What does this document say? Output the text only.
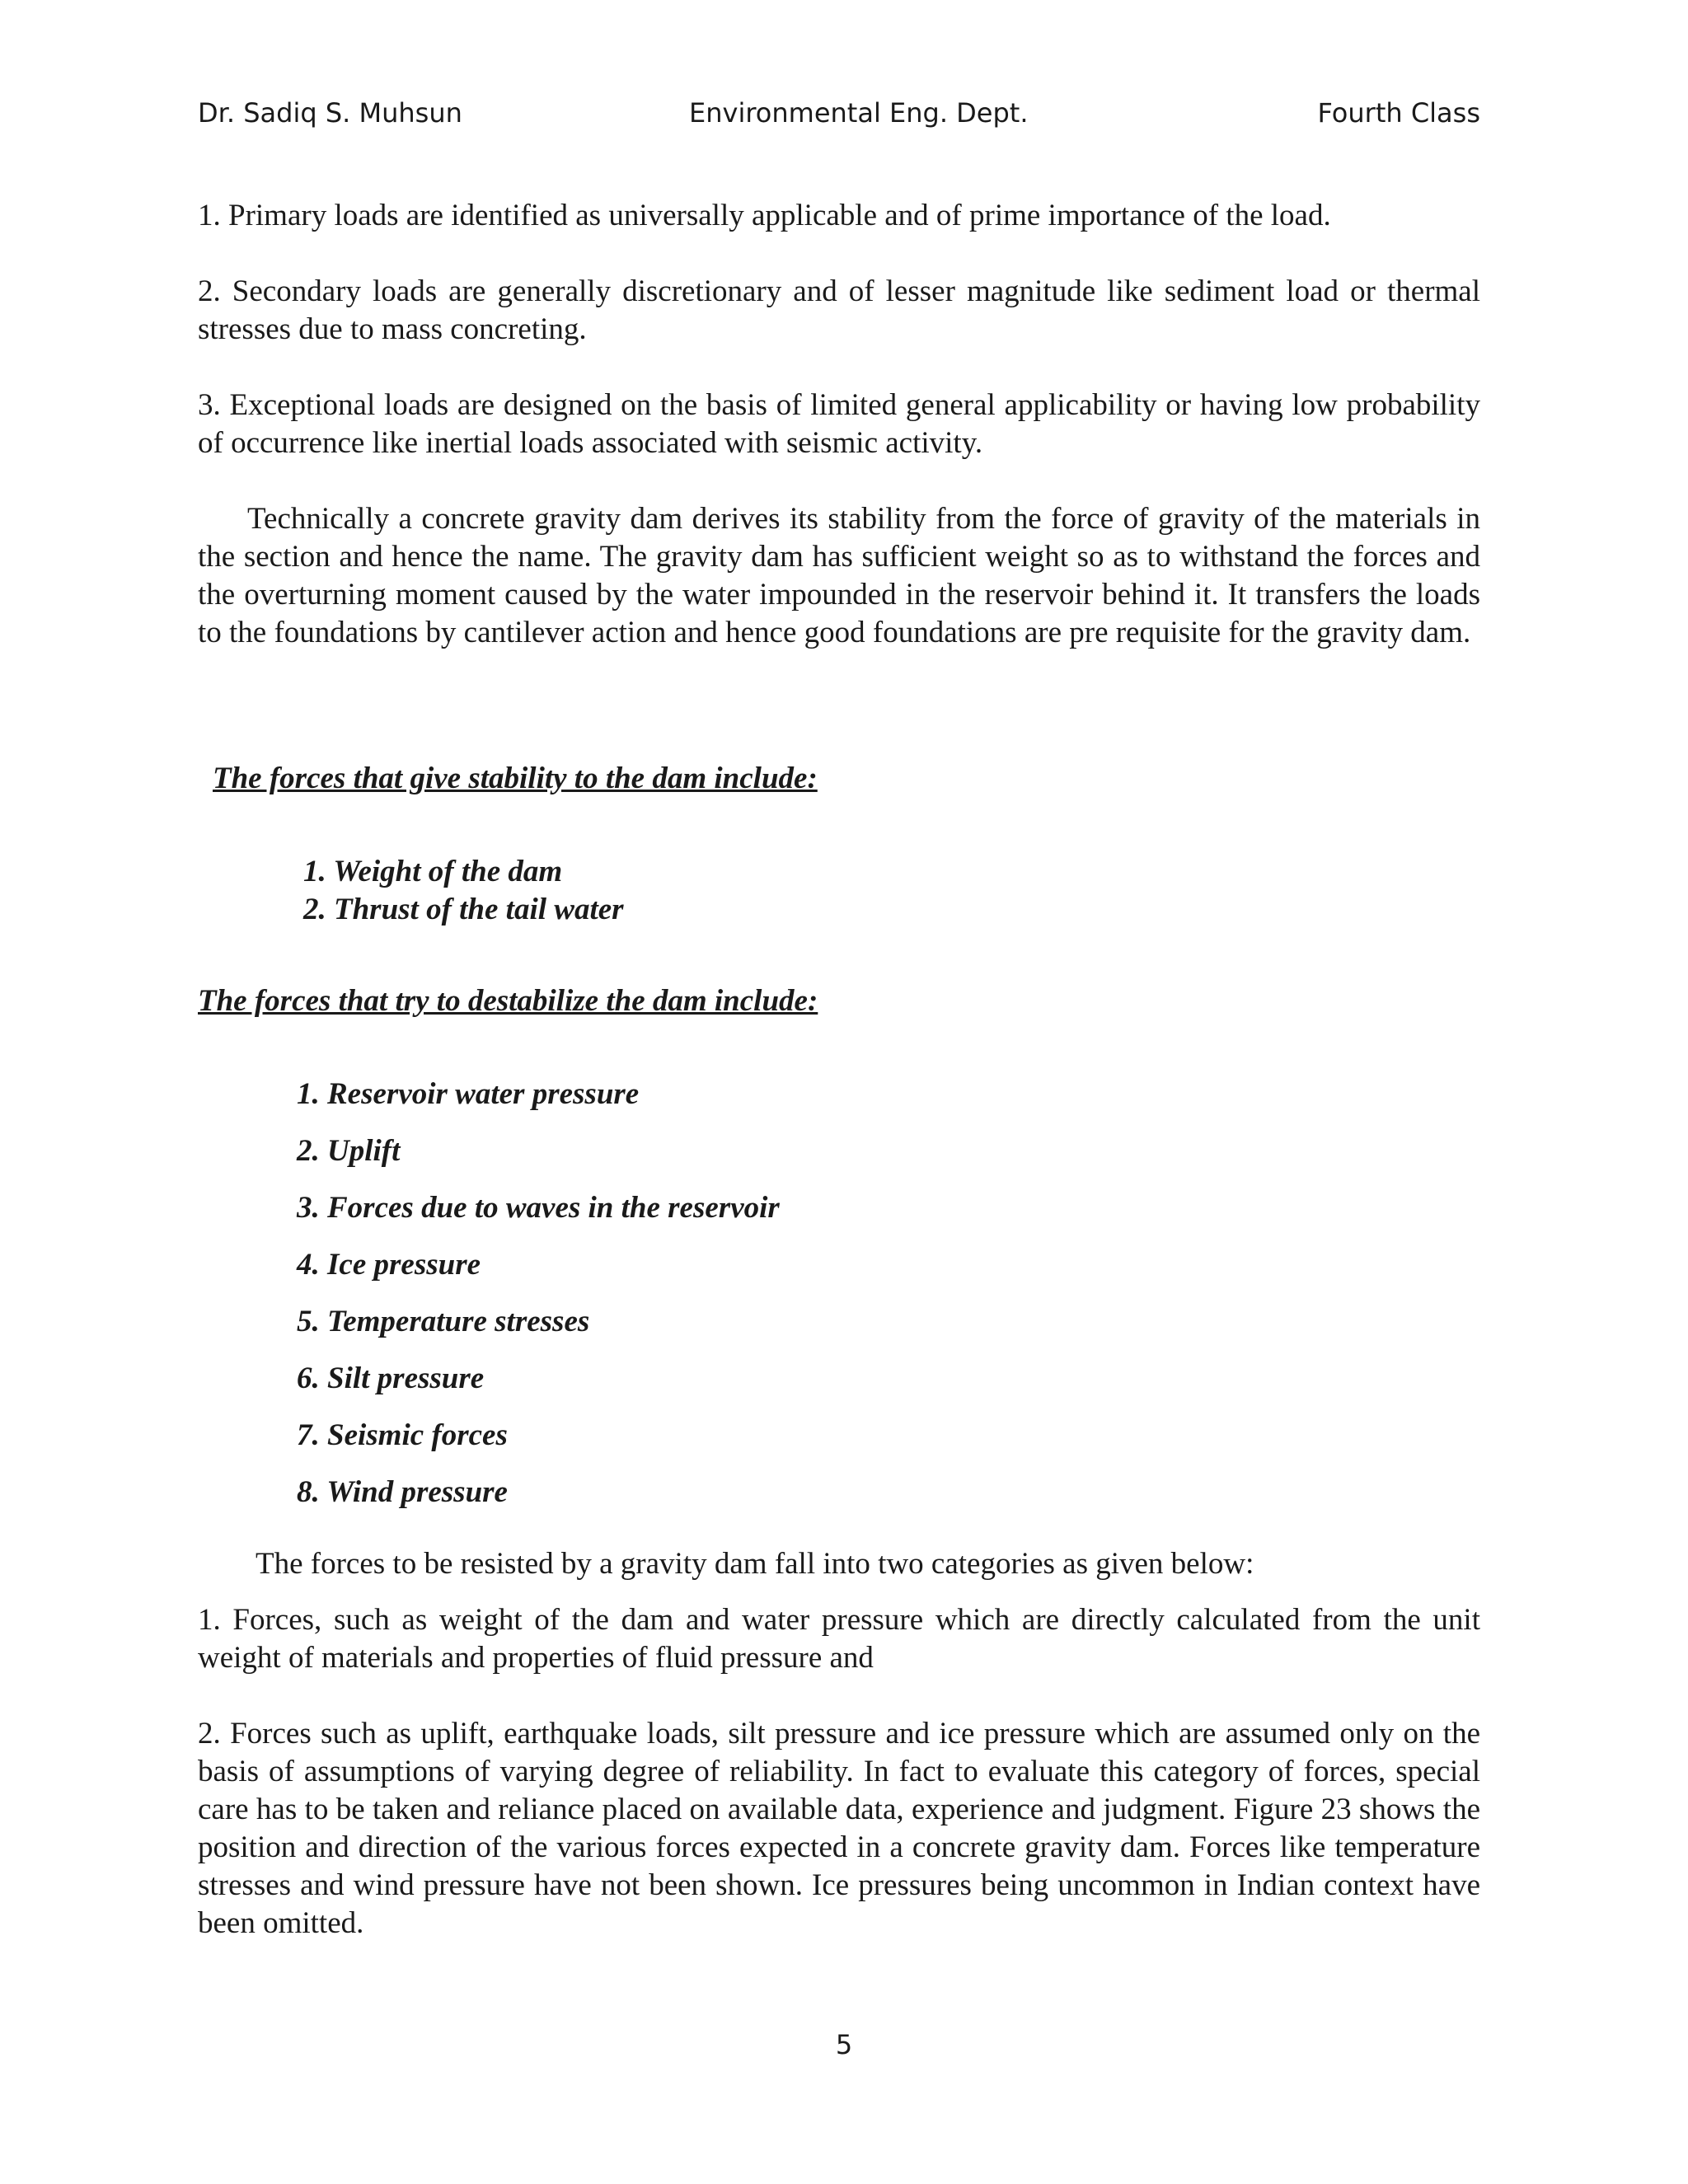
Dr. Sadiq S. Muhsun	Environmental Eng. Dept.	Fourth Class

1. Primary loads are identified as universally applicable and of prime importance of the load.

2. Secondary loads are generally discretionary and of lesser magnitude like sediment load or thermal stresses due to mass concreting.

3. Exceptional loads are designed on the basis of limited general applicability or having low probability of occurrence like inertial loads associated with seismic activity.

Technically a concrete gravity dam derives its stability from the force of gravity of the materials in the section and hence the name. The gravity dam has sufficient weight so as to withstand the forces and the overturning moment caused by the water impounded in the reservoir behind it. It transfers the loads to the foundations by cantilever action and hence good foundations are pre requisite for the gravity dam.

The forces that give stability to the dam include:

1. Weight of the dam
2. Thrust of the tail water

The forces that try to destabilize the dam include:

1. Reservoir water pressure
2. Uplift
3. Forces due to waves in the reservoir
4. Ice pressure
5. Temperature stresses
6. Silt pressure
7. Seismic forces
8. Wind pressure

The forces to be resisted by a gravity dam fall into two categories as given below:

1. Forces, such as weight of the dam and water pressure which are directly calculated from the unit weight of materials and properties of fluid pressure and

2. Forces such as uplift, earthquake loads, silt pressure and ice pressure which are assumed only on the basis of assumptions of varying degree of reliability. In fact to evaluate this category of forces, special care has to be taken and reliance placed on available data, experience and judgment. Figure 23 shows the position and direction of the various forces expected in a concrete gravity dam. Forces like temperature stresses and wind pressure have not been shown. Ice pressures being uncommon in Indian context have been omitted.

5
